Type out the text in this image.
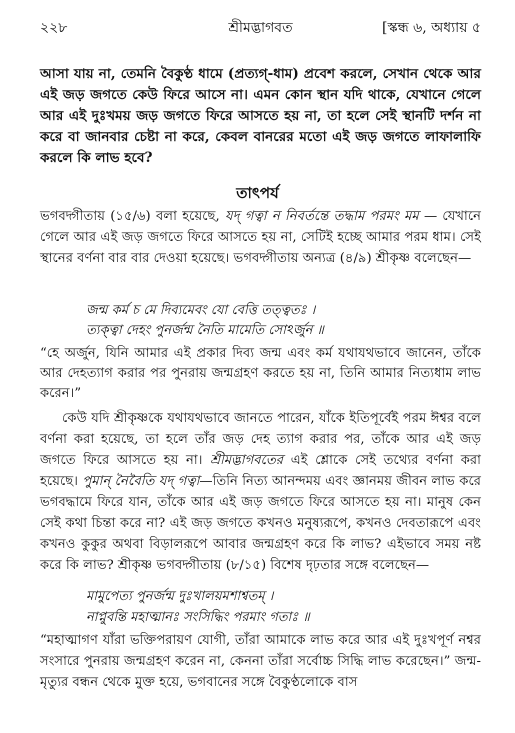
২২৮	শ্রীমদ্ভাগবত	[স্কন্ধ ৬, অধ্যায় ৫
আসা যায় না, তেমনি বৈকুণ্ঠ ধামে (প্রত্যগ্‌-ধাম) প্রবেশ করলে, সেখান থেকে আর এই জড় জগতে কেউ ফিরে আসে না। এমন কোন স্থান যদি থাকে, যেখানে গেলে আর এই দুঃখময় জড় জগতে ফিরে আসতে হয় না, তা হলে সেই স্থানটি দর্শন না করে বা জানবার চেষ্টা না করে, কেবল বানরের মতো এই জড় জগতে লাফালাফি করলে কি লাভ হবে?
তাৎপর্য
ভগবদ্গীতায় (১৫/৬) বলা হয়েছে, যদ্ গত্বা ন নিবর্তন্তে তদ্ধাম পরমং মম — যেখানে গেলে আর এই জড় জগতে ফিরে আসতে হয় না, সেটিই হচ্ছে আমার পরম ধাম। সেই স্থানের বর্ণনা বার বার দেওয়া হয়েছে। ভগবদ্গীতায় অন্যত্র (৪/৯) শ্রীকৃষ্ণ বলেছেন—
জন্ম কর্ম চ মে দিব্যমেবং যো বেত্তি তত্ত্বতঃ ।
ত্যক্ত্বা দেহং পুনর্জন্ম নৈতি মামেতি সোঽর্জুন ॥
“হে অর্জুন, যিনি আমার এই প্রকার দিব্য জন্ম এবং কর্ম যথাযথভাবে জানেন, তাঁকে আর দেহত্যাগ করার পর পুনরায় জন্মগ্রহণ করতে হয় না, তিনি আমার নিত্যধাম লাভ করেন।”
কেউ যদি শ্রীকৃষ্ণকে যথাযথভাবে জানতে পারেন, যাঁকে ইতিপূর্বেই পরম ঈশ্বর বলে বর্ণনা করা হয়েছে, তা হলে তাঁর জড় দেহ ত্যাগ করার পর, তাঁকে আর এই জড় জগতে ফিরে আসতে হয় না। শ্রীমদ্ভাগবতের এই শ্লোকে সেই তথ্যের বর্ণনা করা হয়েছে। পুমান্ নৈবৈতি যদ্ গত্বা—তিনি নিত্য আনন্দময় এবং জ্ঞানময় জীবন লাভ করে ভগবদ্ধামে ফিরে যান, তাঁকে আর এই জড় জগতে ফিরে আসতে হয় না। মানুষ কেন সেই কথা চিন্তা করে না? এই জড় জগতে কখনও মনুষ্যরূপে, কখনও দেবতারূপে এবং কখনও কুকুর অথবা বিড়ালরূপে আবার জন্মগ্রহণ করে কি লাভ? এইভাবে সময় নষ্ট করে কি লাভ? শ্রীকৃষ্ণ ভগবদ্গীতায় (৮/১৫) বিশেষ দৃঢ়তার সঙ্গে বলেছেন—
মামুপেত্য পুনর্জন্ম দুঃখালয়মশাশ্বতম্ ।
নাপ্নুবন্তি মহাত্মানঃ সংসিদ্ধিং পরমাং গতাঃ ॥
“মহাত্মাগণ যাঁরা ভক্তিপরায়ণ যোগী, তাঁরা আমাকে লাভ করে আর এই দুঃখপূর্ণ নশ্বর সংসারে পুনরায় জন্মগ্রহণ করেন না, কেননা তাঁরা সর্বোচ্চ সিদ্ধি লাভ করেছেন।” জন্ম-মৃত্যুর বন্ধন থেকে মুক্ত হয়ে, ভগবানের সঙ্গে বৈকুণ্ঠলোকে বাস
